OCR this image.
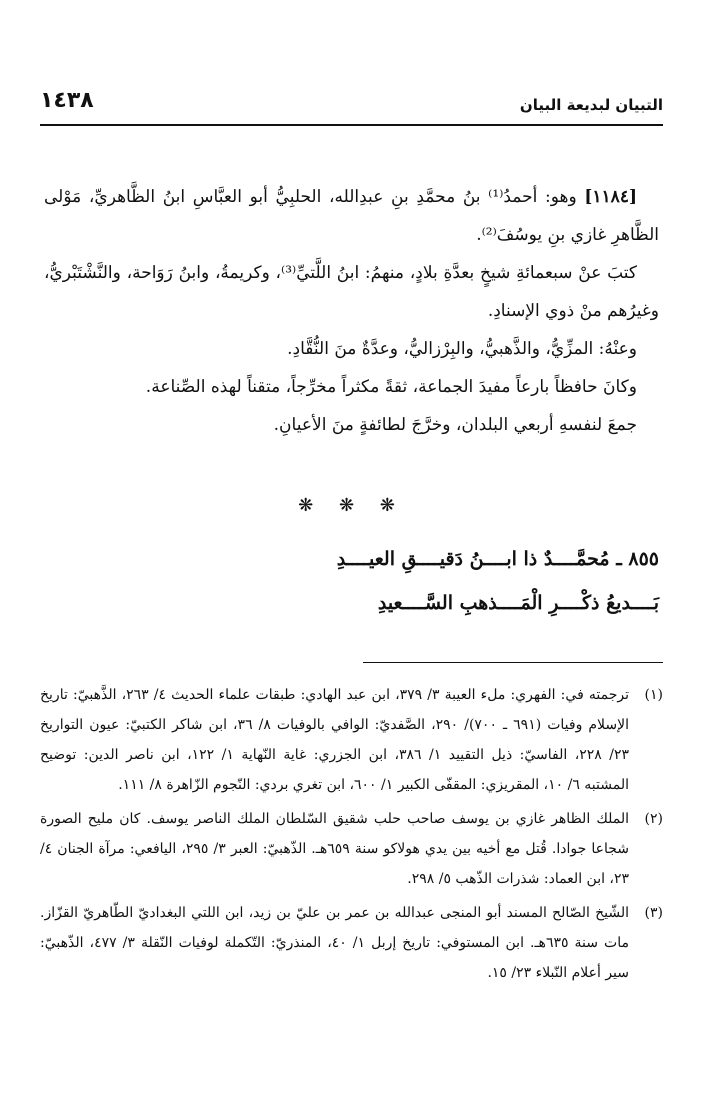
التبيان لبديعة البيان
١٤٣٨

[١١٨٤] وهو: أحمدُ⁽¹⁾ بنُ محمَّدِ بنِ عبدِالله، الحلبِيُّ أبو العبَّاسِ ابنُ الظَّاهريِّ، مَوْلى الظَّاهرِ غازي بنِ يوسُفَ⁽²⁾.

كتبَ عنْ سبعمائةِ شيخٍ بعدَّةِ بلادٍ، منهمُ: ابنُ اللَّتيِّ⁽³⁾، وكريمةُ، وابنُ رَوَاحة، والنَّشْتَبْريُّ، وغيرُهم منْ ذوي الإسنادِ.

وعنْهُ: المزِّيُّ، والذَّهبيُّ، والبِرْزاليُّ، وعدَّةٌ منَ النُّقَّادِ.

وكانَ حافظاً بارعاً مفيدَ الجماعة، ثقةً مكثراً مخرِّجاً، متقناً لهذه الصِّناعة.

جمعَ لنفسهِ أربعي البلدان، وخرَّجَ لطائفةٍ منَ الأعيانِ.

❋ ❋ ❋
٨٥٥ ـ مُحمَّــــدٌ ذا ابــــنُ دَقيــــقِ العيــــدِ
بَــــديعُ ذكْــــرِ الْمَــــذهبِ السَّــــعيدِ
(١)

ترجمته في: الفهري: ملء العيبة ٣/ ٣٧٩، ابن عبد الهادي: طبقات علماء الحديث ٤/ ٢٦٣، الذَّهبيّ: تاريخ الإسلام وفيات (٦٩١ ـ ٧٠٠)/ ٢٩٠، الصَّفديّ: الوافي بالوفيات ٨/ ٣٦، ابن شاكر الكتبيّ: عيون التواريخ ٢٣/ ٢٢٨، الفاسيّ: ذيل التقييد ١/ ٣٨٦، ابن الجزري: غاية النّهاية ١/ ١٢٢، ابن ناصر الدين: توضيح المشتبه ٦/ ١٠، المقريزي: المقفّى الكبير ١/ ٦٠٠، ابن تغري بردي: النّجوم الزّاهرة ٨/ ١١١.

(٢)

الملك الظاهر غازي بن يوسف صاحب حلب شقيق السّلطان الملك الناصر يوسف. كان مليح الصورة شجاعا جوادا. قُتل مع أخيه بين يدي هولاكو سنة ٦٥٩هـ. الذّهبيّ: العبر ٣/ ٢٩٥، اليافعي: مرآة الجنان ٤/ ٢٣، ابن العماد: شذرات الذّهب ٥/ ٢٩٨.

(٣)

الشّيخ الصّالح المسند أبو المنجى عبدالله بن عمر بن عليّ بن زيد، ابن اللتي البغداديّ الطّاهريّ القزّاز. مات سنة ٦٣٥هـ. ابن المستوفي: تاريخ إربل ١/ ٤٠، المنذريّ: التّكملة لوفيات النّقلة ٣/ ٤٧٧، الذّهبيّ: سير أعلام النّبلاء ٢٣/ ١٥.
